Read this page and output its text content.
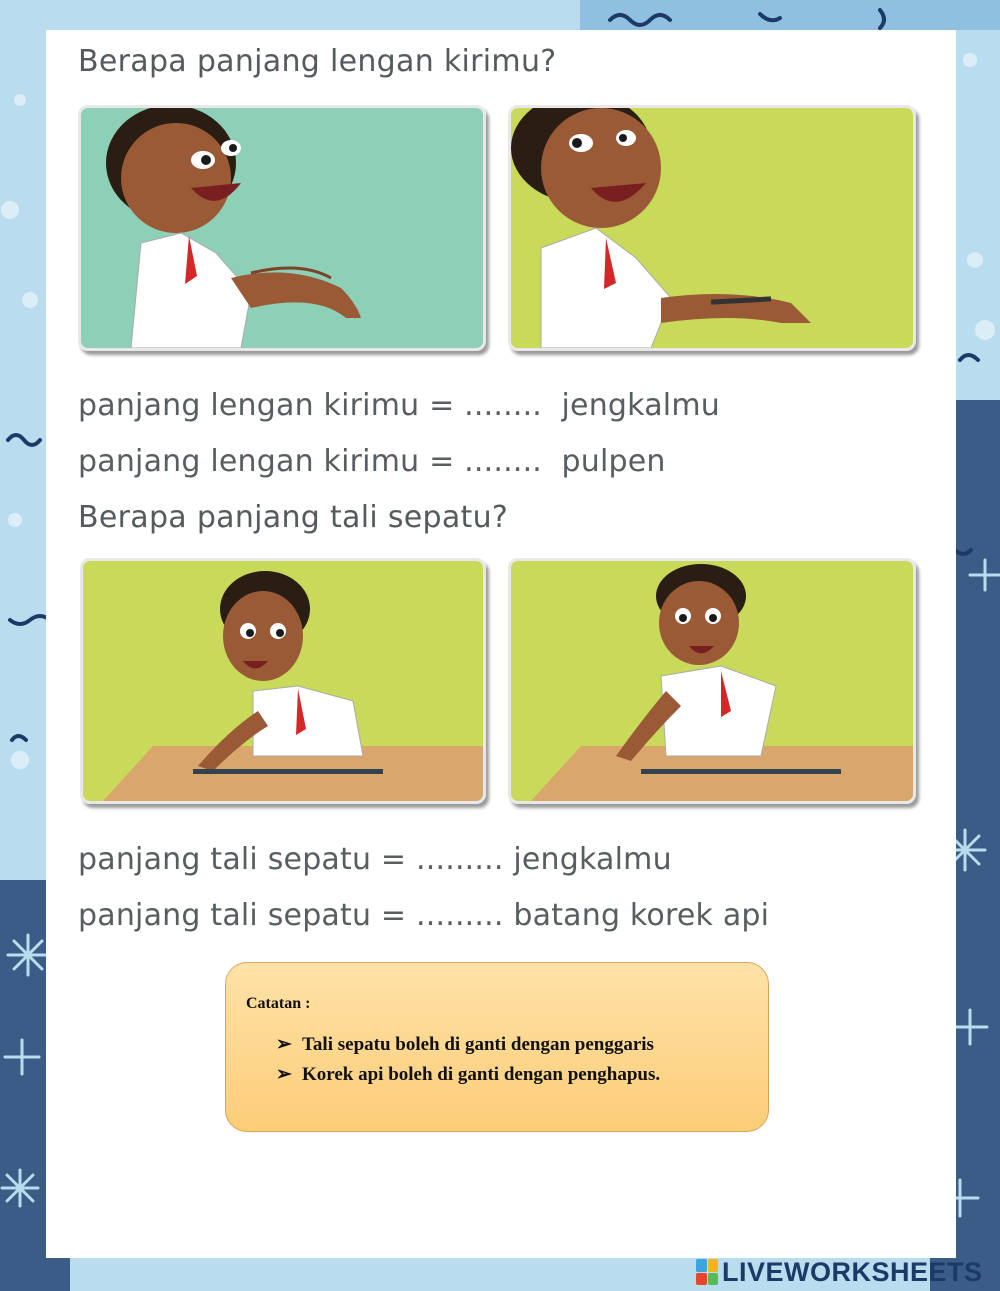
Berapa panjang lengan kirimu?
panjang lengan kirimu = ........  jengkalmu
panjang lengan kirimu = ........  pulpen
Berapa panjang tali sepatu?
panjang tali sepatu = ......... jengkalmu
panjang tali sepatu = ......... batang korek api
Catatan :
➢ Tali sepatu boleh di ganti dengan penggaris
➢ Korek api boleh di ganti dengan penghapus.
LIVEWORKSHEETS
